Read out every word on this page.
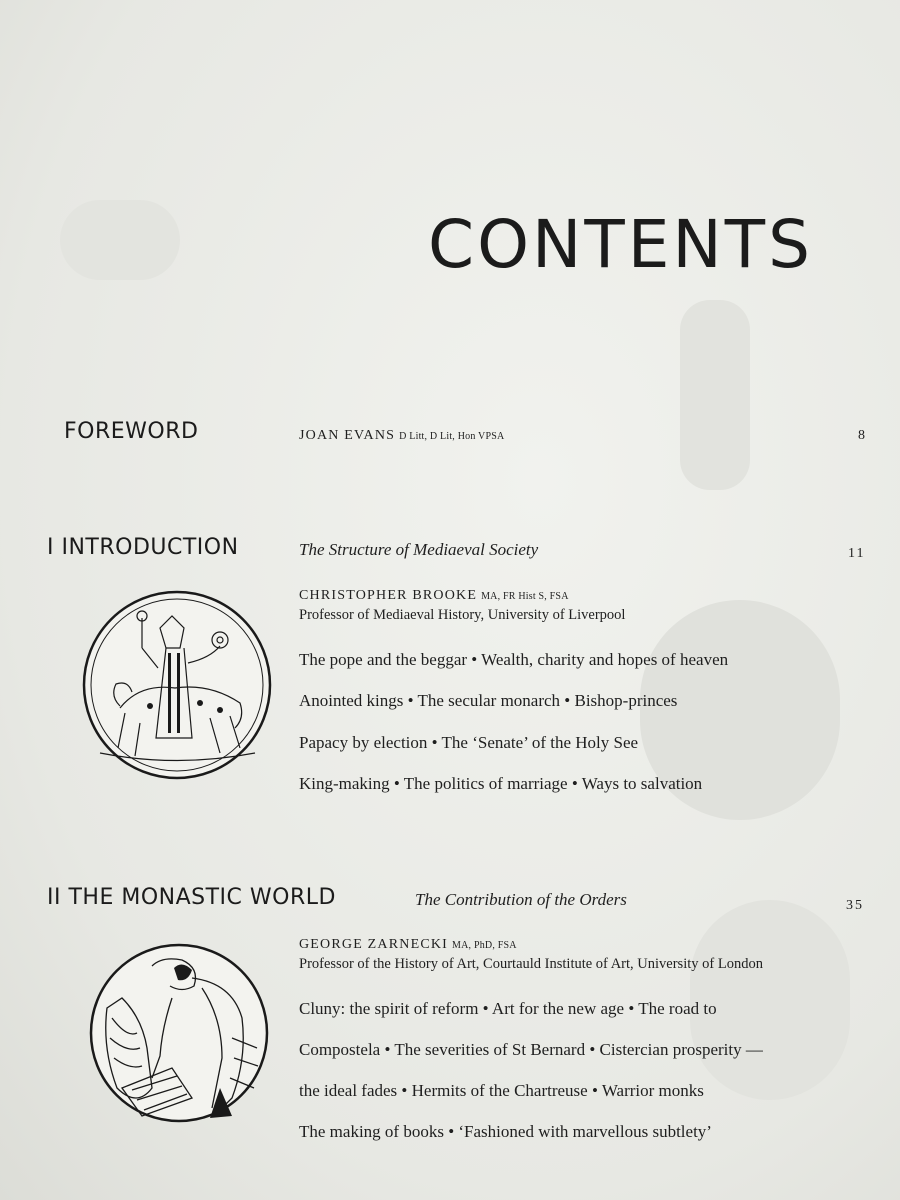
CONTENTS
FOREWORD	JOAN EVANS D Litt, D Lit, Hon VPSA	8
I INTRODUCTION	The Structure of Mediaeval Society	11
CHRISTOPHER BROOKE MA, FR Hist S, FSA
Professor of Mediaeval History, University of Liverpool
The pope and the beggar • Wealth, charity and hopes of heaven
Anointed kings • The secular monarch • Bishop-princes
Papacy by election • The ‘Senate’ of the Holy See
King-making • The politics of marriage • Ways to salvation
II THE MONASTIC WORLD	The Contribution of the Orders	35
GEORGE ZARNECKI MA, PhD, FSA
Professor of the History of Art, Courtauld Institute of Art, University of London
Cluny: the spirit of reform • Art for the new age • The road to
Compostela • The severities of St Bernard • Cistercian prosperity —
the ideal fades • Hermits of the Chartreuse • Warrior monks
The making of books • ‘Fashioned with marvellous subtlety’
